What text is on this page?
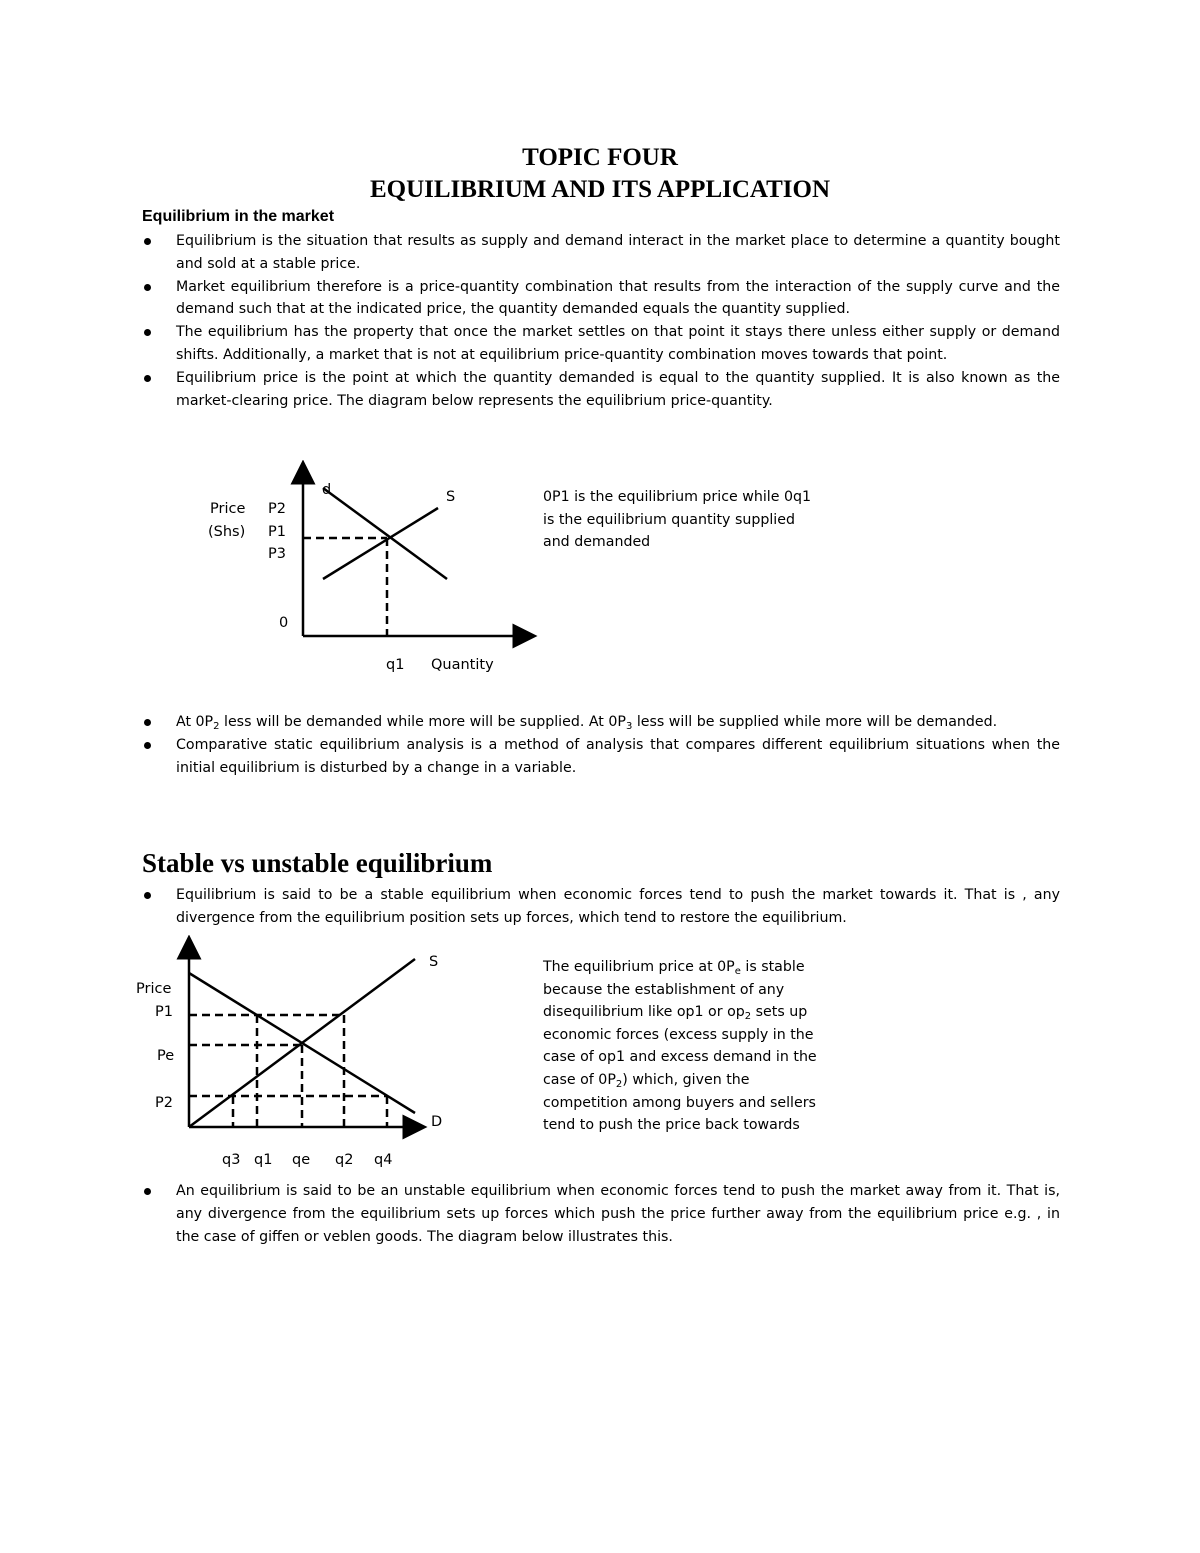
TOPIC FOUR
EQUILIBRIUM AND ITS APPLICATION
Equilibrium in the market
Equilibrium is the situation that results as supply and demand interact in the market place to determine a quantity bought and sold at a stable price.
Market equilibrium therefore is a price-quantity combination that results from the interaction of the supply curve and the demand such that at the indicated price, the quantity demanded equals the quantity supplied.
The equilibrium has the property that once the market settles on that point it stays there unless either supply or demand shifts. Additionally, a market that is not at equilibrium price-quantity combination moves towards that point.
Equilibrium price is the point at which the quantity demanded is equal to the quantity supplied. It is also known as the market-clearing price. The diagram below represents the equilibrium price-quantity.
Price
(Shs)
P2
P1
P3
0
d	S
q1 Quantity
0P1 is the equilibrium price while 0q1
is the equilibrium quantity supplied
and demanded
At $0P_2$ less will be demanded while more will be supplied. At $0P_3$ less will be supplied while more will be demanded.
Comparative static equilibrium analysis is a method of analysis that compares different equilibrium situations when the initial equilibrium is disturbed by a change in a variable.
Stable vs unstable equilibrium
Equilibrium is said to be a stable equilibrium when economic forces tend to push the market towards it. That is , any divergence from the equilibrium position sets up forces, which tend to restore the equilibrium.
Price
P1
Pe
P2
S
D
q3 q1 qe q2 q4
The equilibrium price at $0P_e$ is stable
because the establishment of any
disequilibrium like op1 or $op_2$ sets up
economic forces (excess supply in the
case of op1 and excess demand in the
case of $0P_2$) which, given the
competition among buyers and sellers
tend to push the price back towards
An equilibrium is said to be an unstable equilibrium when economic forces tend to push the market away from it. That is, any divergence from the equilibrium sets up forces which push the price further away from the equilibrium price e.g. , in the case of giffen or veblen goods. The diagram below illustrates this.
